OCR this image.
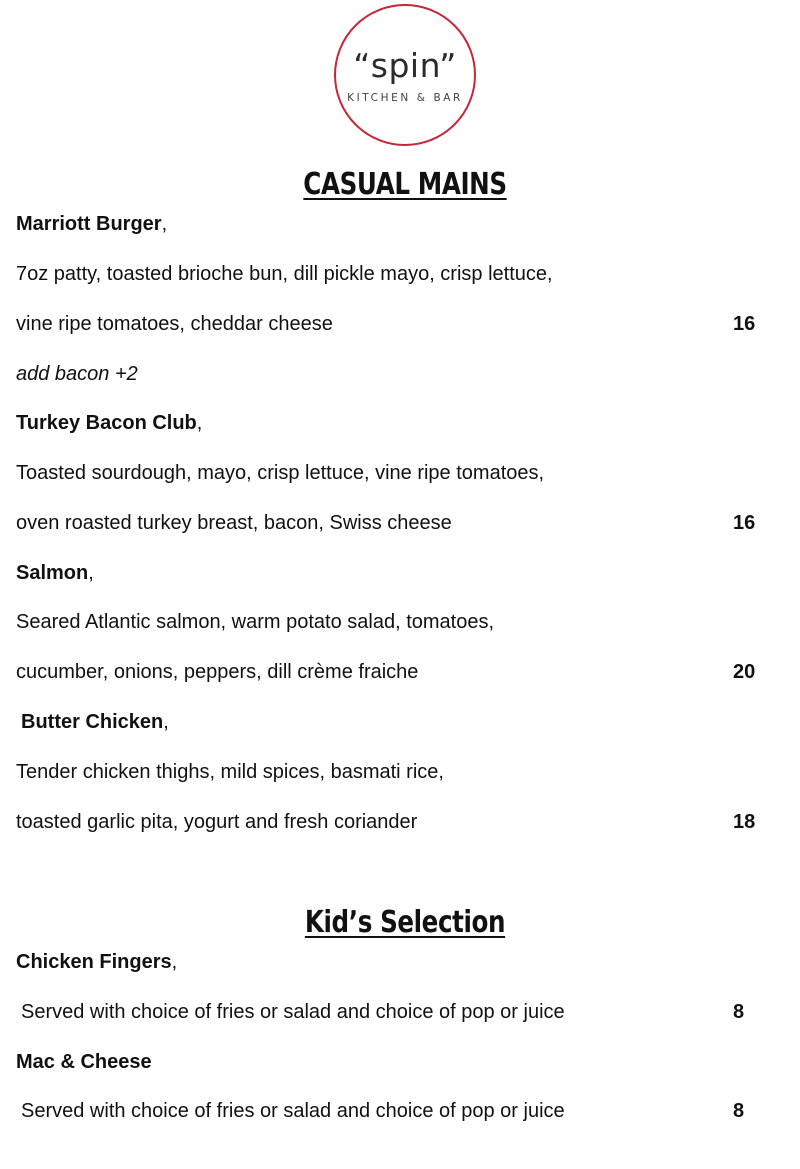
“spin”
KITCHEN & BAR
CASUAL MAINS
Marriott Burger,
7oz patty, toasted brioche bun, dill pickle mayo, crisp lettuce,
vine ripe tomatoes, cheddar cheese	16
add bacon +2
Turkey Bacon Club,
Toasted sourdough, mayo, crisp lettuce, vine ripe tomatoes,
oven roasted turkey breast, bacon, Swiss cheese	16
Salmon,
Seared Atlantic salmon, warm potato salad, tomatoes,
cucumber, onions, peppers, dill crème fraiche	20
Butter Chicken,
Tender chicken thighs, mild spices, basmati rice,
toasted garlic pita, yogurt and fresh coriander	18
Kid’s Selection
Chicken Fingers,
Served with choice of fries or salad and choice of pop or juice	8
Mac & Cheese
Served with choice of fries or salad and choice of pop or juice	8
